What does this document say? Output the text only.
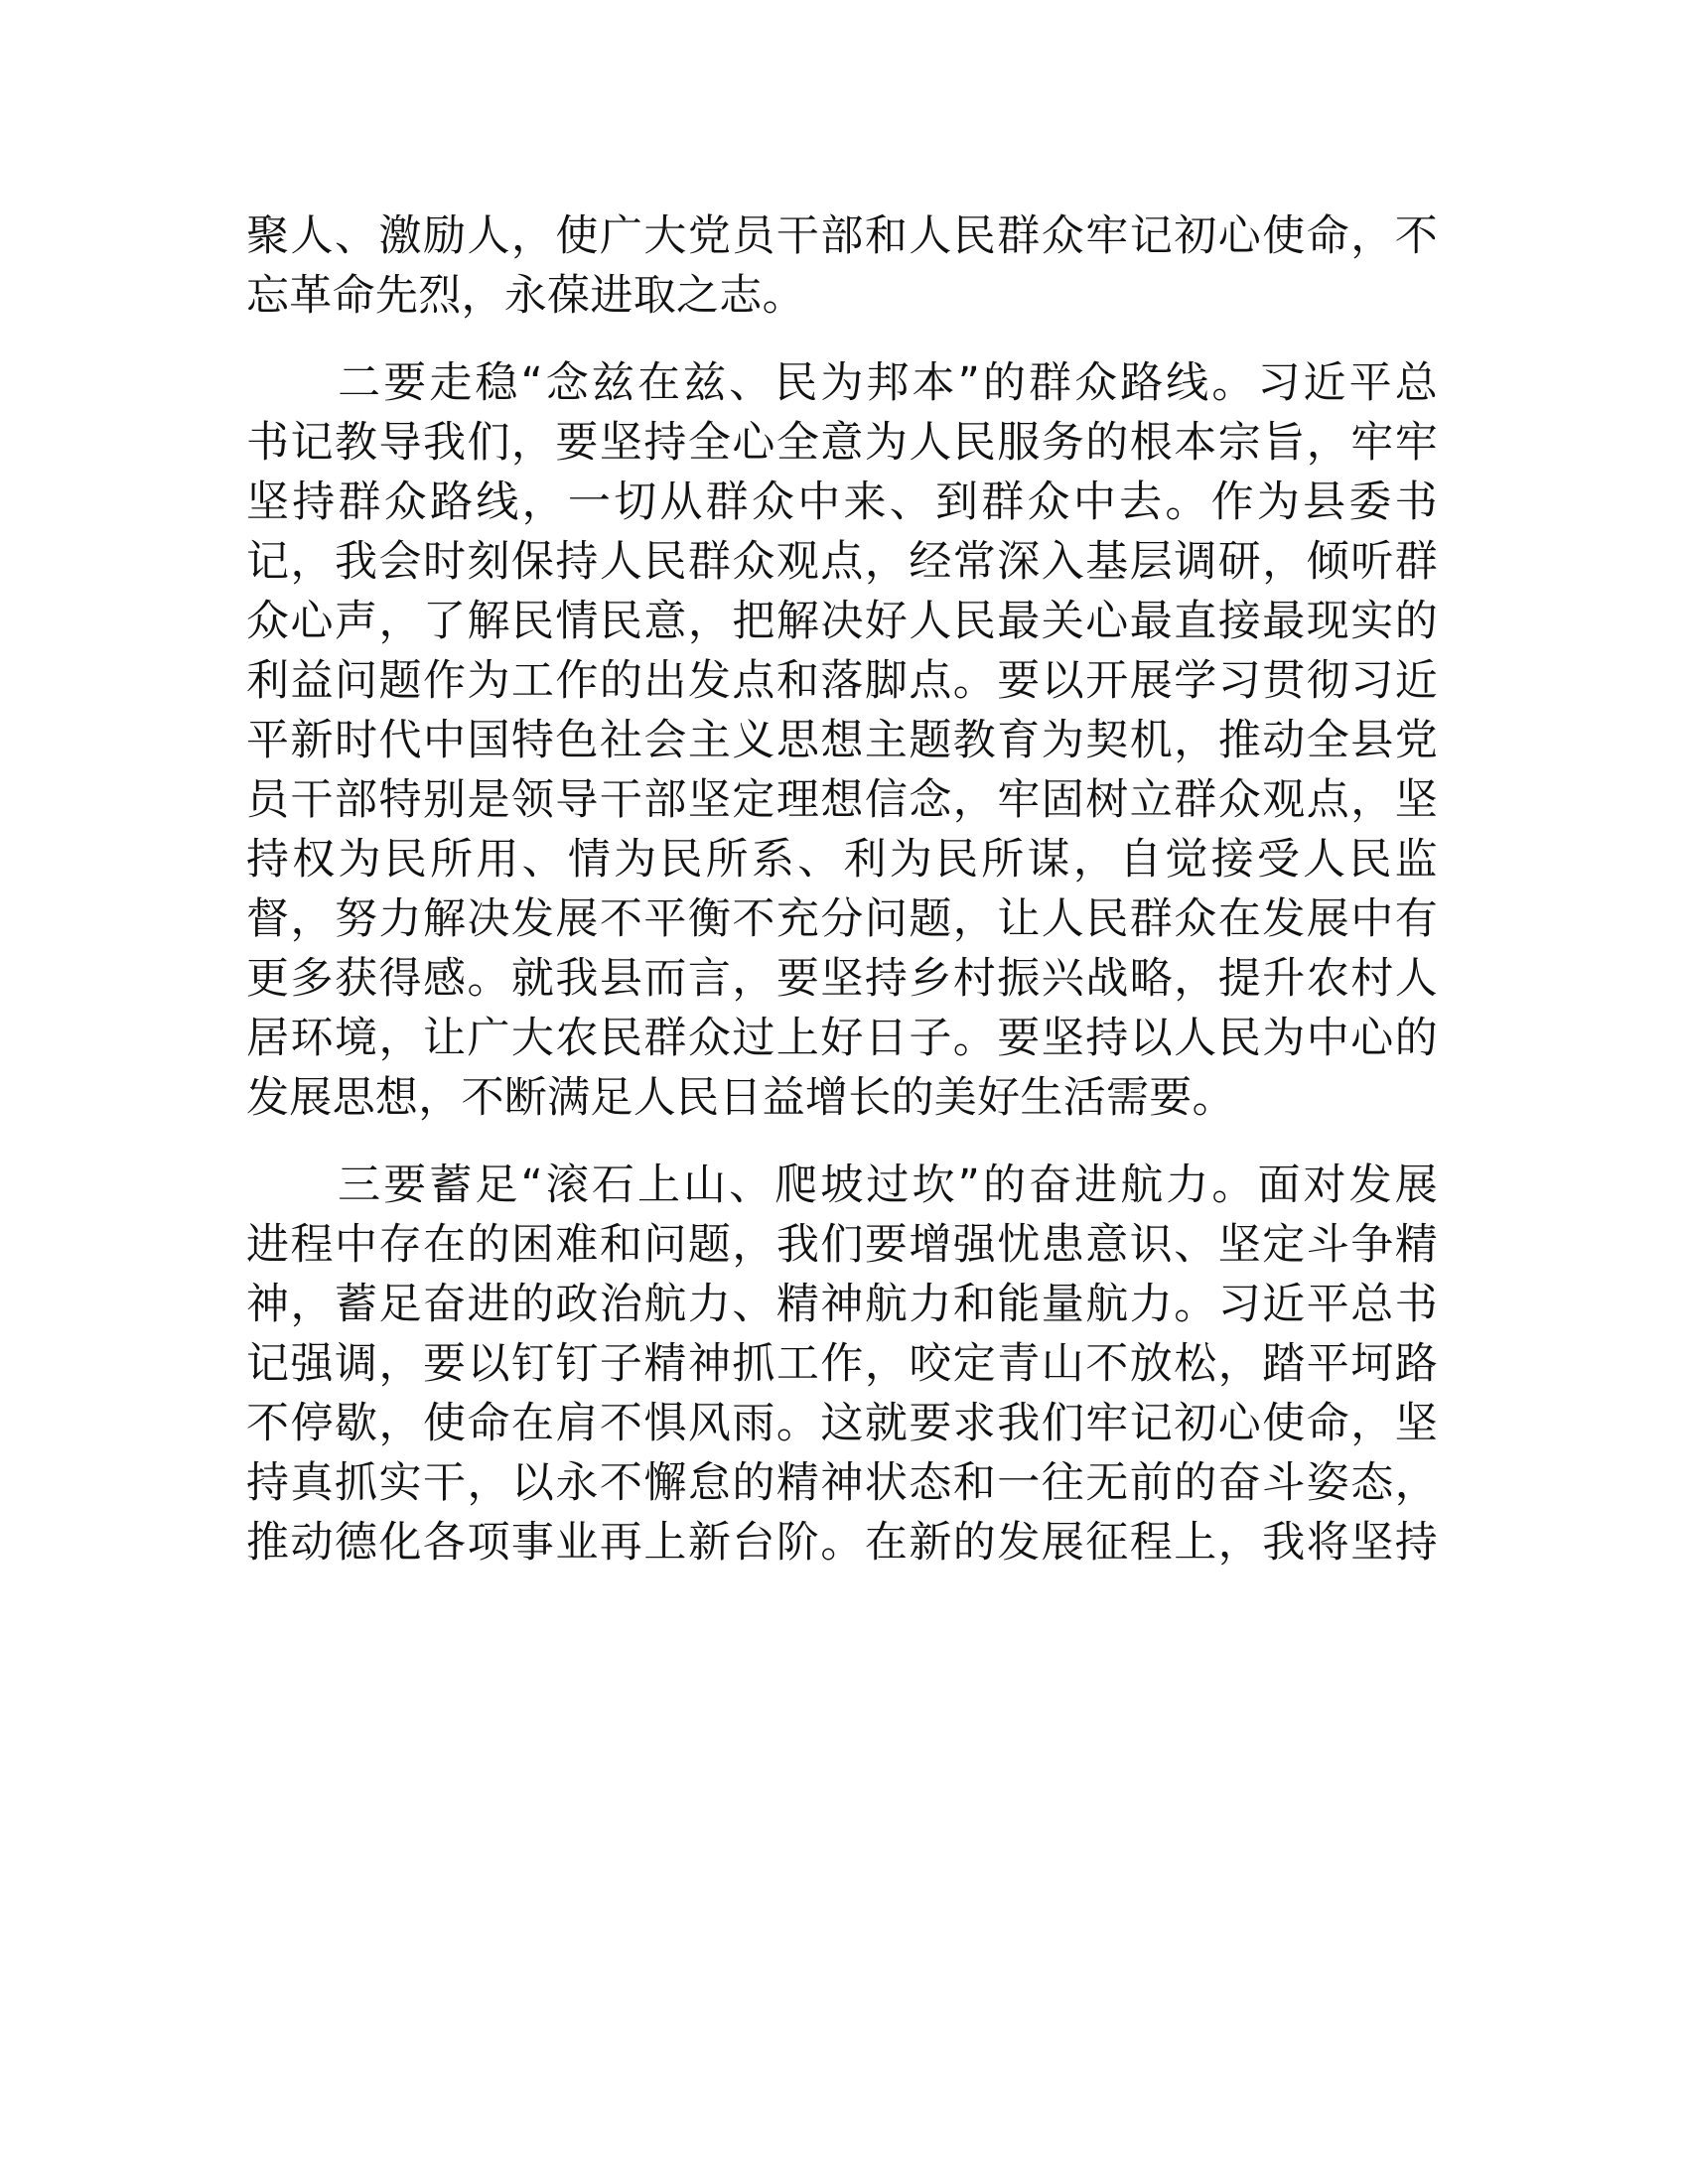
聚人、激励人，使广大党员干部和人民群众牢记初心使命，不
忘革命先烈，永葆进取之志。
　　二要走稳“念兹在兹、民为邦本”的群众路线。习近平总
书记教导我们，要坚持全心全意为人民服务的根本宗旨，牢牢
坚持群众路线，一切从群众中来、到群众中去。作为县委书
记，我会时刻保持人民群众观点，经常深入基层调研，倾听群
众心声，了解民情民意，把解决好人民最关心最直接最现实的
利益问题作为工作的出发点和落脚点。要以开展学习贯彻习近
平新时代中国特色社会主义思想主题教育为契机，推动全县党
员干部特别是领导干部坚定理想信念，牢固树立群众观点，坚
持权为民所用、情为民所系、利为民所谋，自觉接受人民监
督，努力解决发展不平衡不充分问题，让人民群众在发展中有
更多获得感。就我县而言，要坚持乡村振兴战略，提升农村人
居环境，让广大农民群众过上好日子。要坚持以人民为中心的
发展思想，不断满足人民日益增长的美好生活需要。
　　三要蓄足“滚石上山、爬坡过坎”的奋进航力。面对发展
进程中存在的困难和问题，我们要增强忧患意识、坚定斗争精
神，蓄足奋进的政治航力、精神航力和能量航力。习近平总书
记强调，要以钉钉子精神抓工作，咬定青山不放松，踏平坷路
不停歇，使命在肩不惧风雨。这就要求我们牢记初心使命，坚
持真抓实干，以永不懈怠的精神状态和一往无前的奋斗姿态，
推动德化各项事业再上新台阶。在新的发展征程上，我将坚持
